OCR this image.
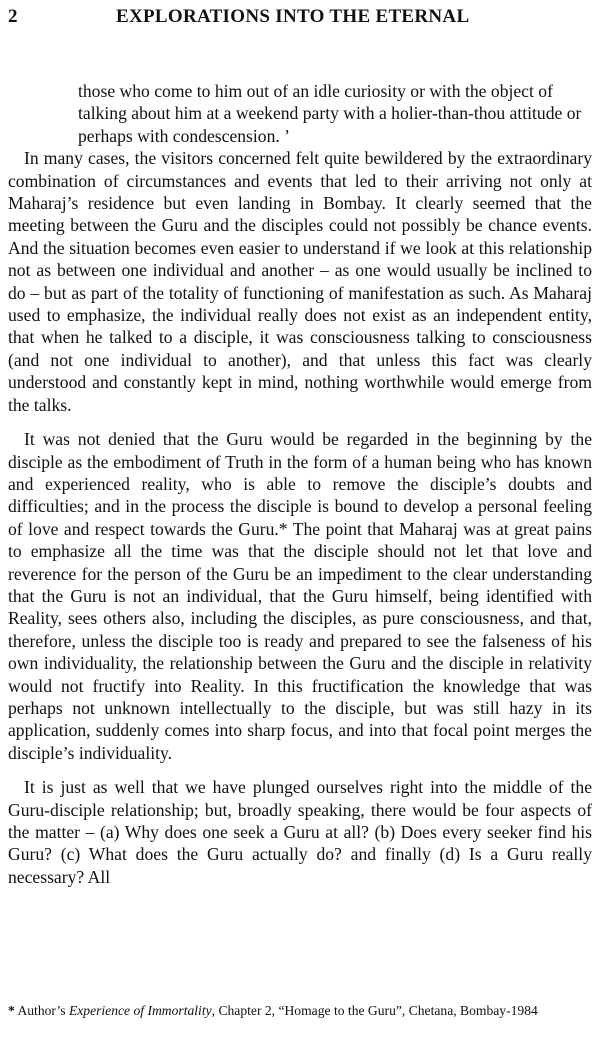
2	EXPLORATIONS INTO THE ETERNAL

those who come to him out of an idle curiosity or with the object of talking about him at a weekend party with a holier-than-thou attitude or perhaps with condescension. ’

In many cases, the visitors concerned felt quite bewildered by the extraordinary combination of circumstances and events that led to their arriving not only at Maharaj’s residence but even landing in Bombay. It clearly seemed that the meeting between the Guru and the disciples could not possibly be chance events. And the situation becomes even easier to understand if we look at this relationship not as between one individual and another – as one would usually be inclined to do – but as part of the totality of functioning of manifestation as such. As Maharaj used to emphasize, the individual really does not exist as an independent entity, that when he talked to a disciple, it was consciousness talking to consciousness (and not one individual to another), and that unless this fact was clearly understood and constantly kept in mind, nothing worthwhile would emerge from the talks.

It was not denied that the Guru would be regarded in the beginning by the disciple as the embodiment of Truth in the form of a human being who has known and experienced reality, who is able to remove the disciple’s doubts and difficulties; and in the process the disciple is bound to develop a personal feeling of love and respect towards the Guru.* The point that Maharaj was at great pains to emphasize all the time was that the disciple should not let that love and reverence for the person of the Guru be an impediment to the clear understanding that the Guru is not an individual, that the Guru himself, being identified with Reality, sees others also, including the disciples, as pure consciousness, and that, therefore, unless the disciple too is ready and prepared to see the falseness of his own individuality, the relationship between the Guru and the disciple in relativity would not fructify into Reality. In this fructification the knowledge that was perhaps not unknown intellectually to the disciple, but was still hazy in its application, suddenly comes into sharp focus, and into that focal point merges the disciple’s individuality.

It is just as well that we have plunged ourselves right into the middle of the Guru-disciple relationship; but, broadly speaking, there would be four aspects of the matter – (a) Why does one seek a Guru at all? (b) Does every seeker find his Guru? (c) What does the Guru actually do? and finally (d) Is a Guru really necessary? All

* Author’s Experience of Immortality, Chapter 2, “Homage to the Guru”, Chetana, Bombay-1984
